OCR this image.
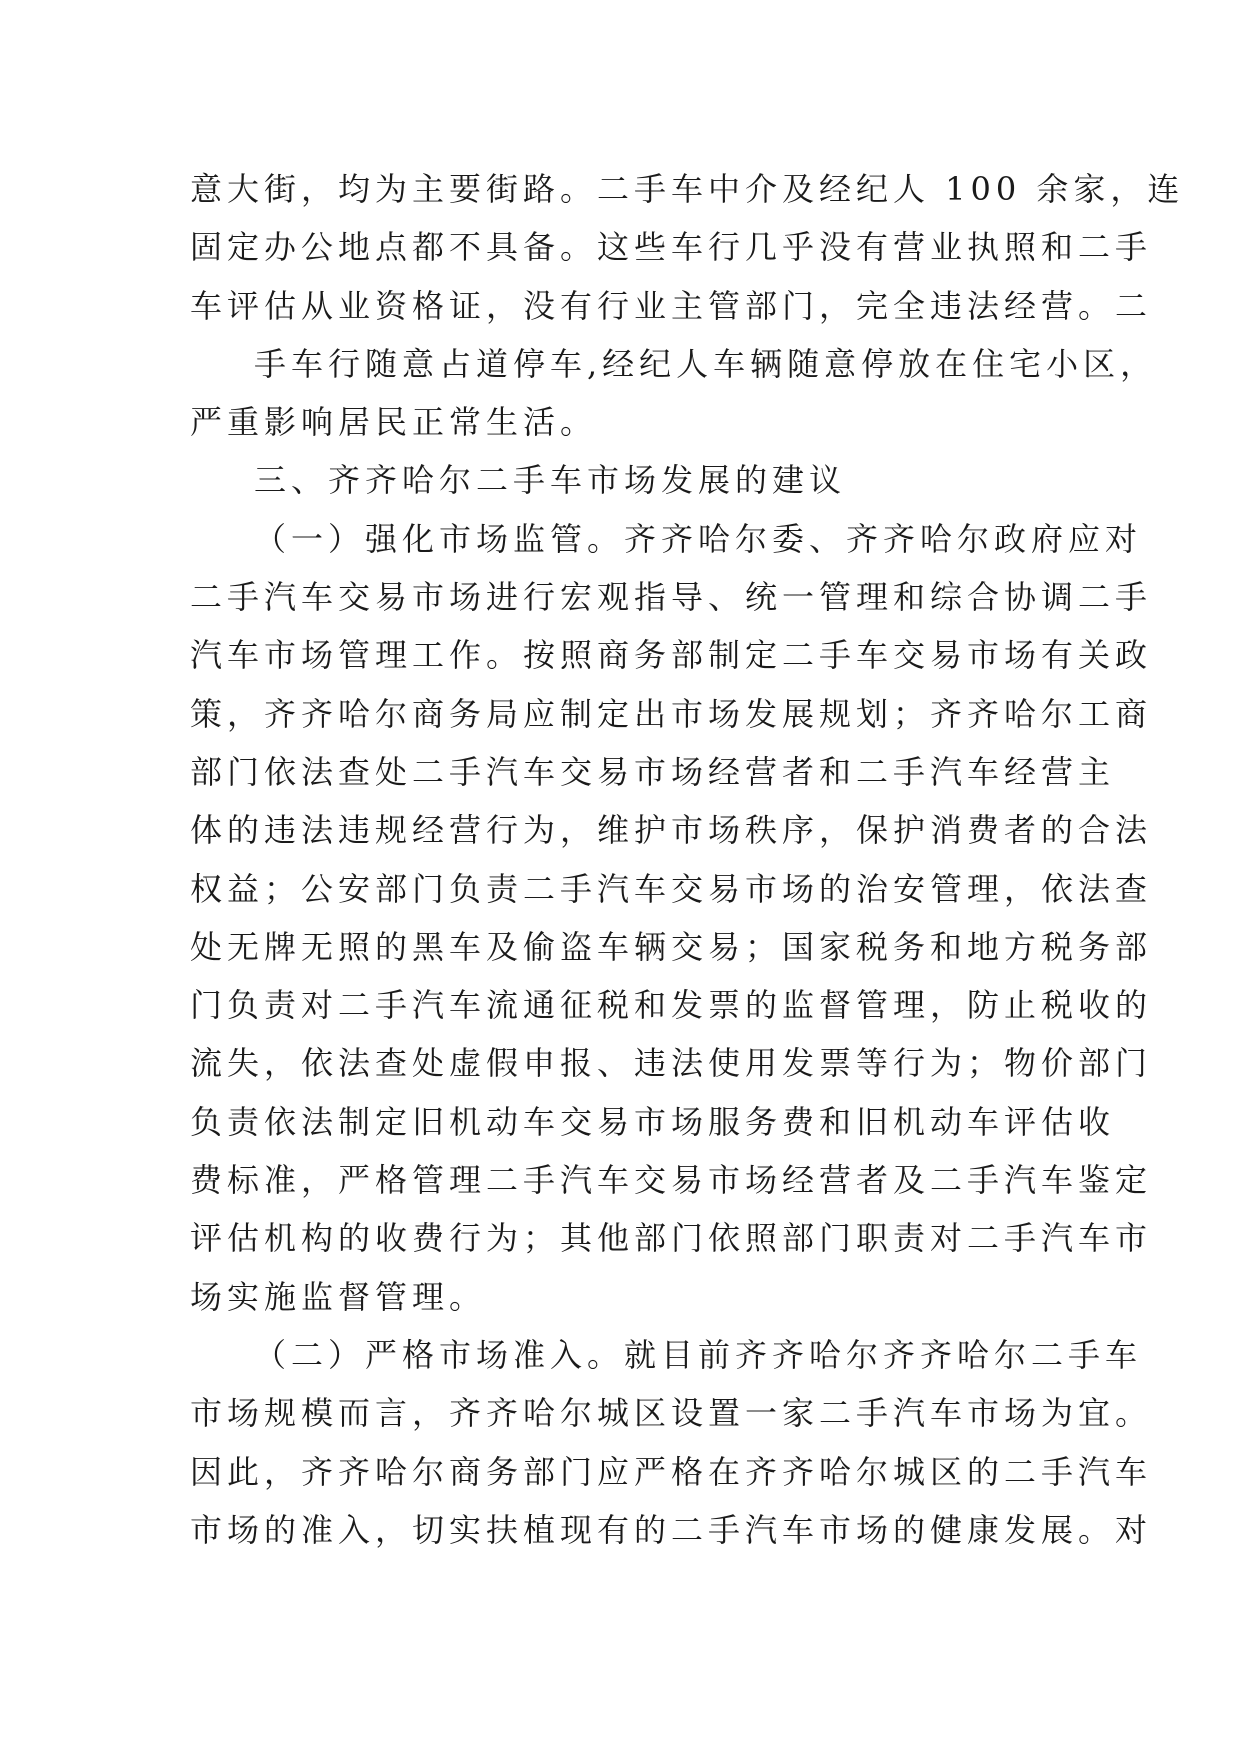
意大街，均为主要街路。二手车中介及经纪人 100 余家，连
固定办公地点都不具备。这些车行几乎没有营业执照和二手
车评估从业资格证，没有行业主管部门，完全违法经营。二
手车行随意占道停车,经纪人车辆随意停放在住宅小区，
严重影响居民正常生活。
三、齐齐哈尔二手车市场发展的建议
（一）强化市场监管。齐齐哈尔委、齐齐哈尔政府应对
二手汽车交易市场进行宏观指导、统一管理和综合协调二手
汽车市场管理工作。按照商务部制定二手车交易市场有关政
策，齐齐哈尔商务局应制定出市场发展规划；齐齐哈尔工商
部门依法查处二手汽车交易市场经营者和二手汽车经营主
体的违法违规经营行为，维护市场秩序，保护消费者的合法
权益；公安部门负责二手汽车交易市场的治安管理，依法查
处无牌无照的黑车及偷盗车辆交易；国家税务和地方税务部
门负责对二手汽车流通征税和发票的监督管理，防止税收的
流失，依法查处虚假申报、违法使用发票等行为；物价部门
负责依法制定旧机动车交易市场服务费和旧机动车评估收
费标准，严格管理二手汽车交易市场经营者及二手汽车鉴定
评估机构的收费行为；其他部门依照部门职责对二手汽车市
场实施监督管理。
（二）严格市场准入。就目前齐齐哈尔齐齐哈尔二手车
市场规模而言，齐齐哈尔城区设置一家二手汽车市场为宜。
因此，齐齐哈尔商务部门应严格在齐齐哈尔城区的二手汽车
市场的准入，切实扶植现有的二手汽车市场的健康发展。对
